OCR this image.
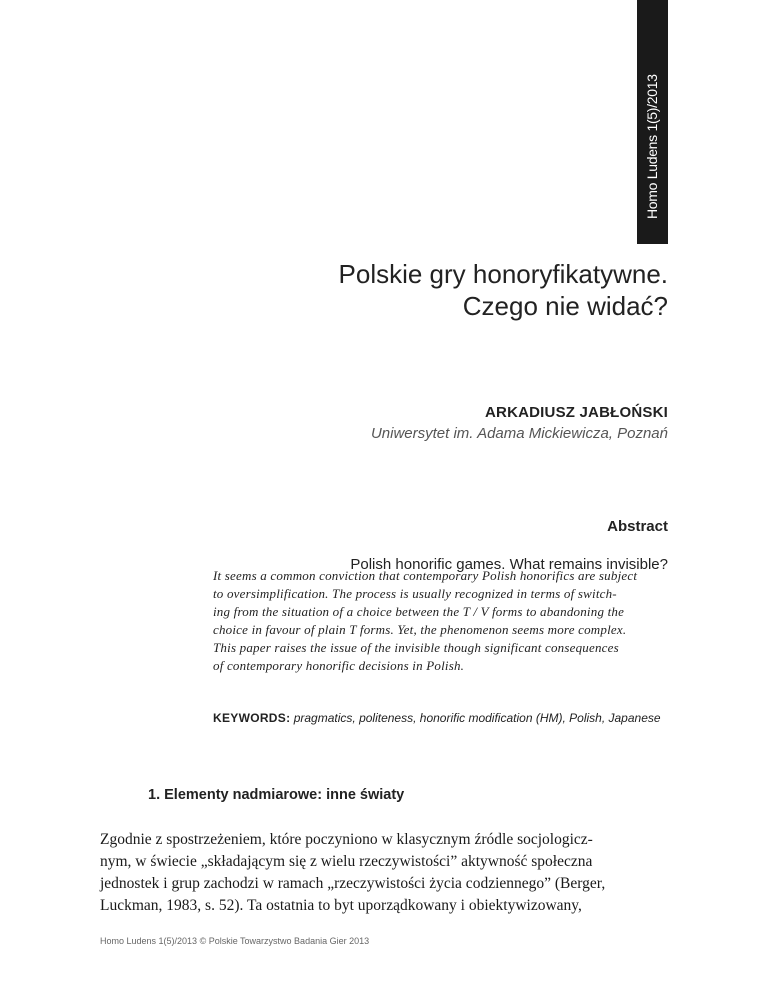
Homo Ludens 1(5)/2013
Polskie gry honoryfikatywne.
Czego nie widać?
ARKADIUSZ JABŁOŃSKI
Uniwersytet im. Adama Mickiewicza, Poznań
Abstract
Polish honorific games. What remains invisible?

It seems a common conviction that contemporary Polish honorifics are subject
to oversimplification. The process is usually recognized in terms of switch-
ing from the situation of a choice between the T / V forms to abandoning the
choice in favour of plain T forms. Yet, the phenomenon seems more complex.
This paper raises the issue of the invisible though significant consequences
of contemporary honorific decisions in Polish.

KEYWORDS: pragmatics, politeness, honorific modification (HM), Polish, Japanese
1. Elementy nadmiarowe: inne światy

Zgodnie z spostrzeżeniem, które poczyniono w klasycznym źródle socjologicz-
nym, w świecie „składającym się z wielu rzeczywistości” aktywność społeczna
jednostek i grup zachodzi w ramach „rzeczywistości życia codziennego” (Berger,
Luckman, 1983, s. 52). Ta ostatnia to byt uporządkowany i obiektywizowany,

Homo Ludens 1(5)/2013 © Polskie Towarzystwo Badania Gier 2013
